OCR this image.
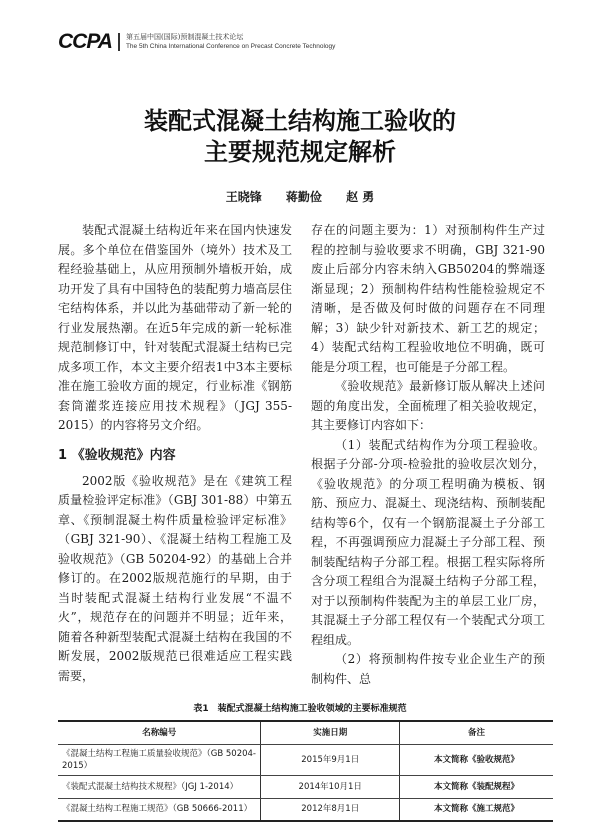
CCPA 第五届中国(国际)预制混凝土技术论坛
The 5th China International Conference on Precast Concrete Technology
装配式混凝土结构施工验收的
主要规范规定解析
王晓锋 蒋勤俭 赵 勇

装配式混凝土结构近年来在国内快速发展。多个单位在借鉴国外（境外）技术及工程经验基础上，从应用预制外墙板开始，成功开发了具有中国特色的装配剪力墙高层住宅结构体系，并以此为基础带动了新一轮的行业发展热潮。在近5年完成的新一轮标准规范制修订中，针对装配式混凝土结构已完成多项工作，本文主要介绍表1中3本主要标准在施工验收方面的规定，行业标准《钢筋套筒灌浆连接应用技术规程》（JGJ 355-2015）的内容将另文介绍。

1 《验收规范》内容

2002版《验收规范》是在《建筑工程质量检验评定标准》（GBJ 301-88）中第五章、《预制混凝土构件质量检验评定标准》（GBJ 321-90）、《混凝土结构工程施工及验收规范》（GB 50204-92）的基础上合并修订的。在2002版规范施行的早期，由于当时装配式混凝土结构行业发展“不温不火”，规范存在的问题并不明显；近年来，随着各种新型装配式混凝土结构在我国的不断发展，2002版规范已很难适应工程实践需要，

存在的问题主要为：1）对预制构件生产过程的控制与验收要求不明确，GBJ 321-90废止后部分内容未纳入GB50204的弊端逐渐显现；2）预制构件结构性能检验规定不清晰，是否做及何时做的问题存在不同理解；3）缺少针对新技术、新工艺的规定；4）装配式结构工程验收地位不明确，既可能是分项工程，也可能是子分部工程。

《验收规范》最新修订版从解决上述问题的角度出发，全面梳理了相关验收规定，其主要修订内容如下：

（1）装配式结构作为分项工程验收。根据子分部-分项-检验批的验收层次划分，《验收规范》的分项工程明确为模板、钢筋、预应力、混凝土、现浇结构、预制装配结构等6个，仅有一个钢筋混凝土子分部工程，不再强调预应力混凝土子分部工程、预制装配结构子分部工程。根据工程实际将所含分项工程组合为混凝土结构子分部工程，对于以预制构件装配为主的单层工业厂房，其混凝土子分部工程仅有一个装配式分项工程组成。

（2）将预制构件按专业企业生产的预制构件、总

表1　装配式混凝土结构施工验收领域的主要标准规范
名称编号	实施日期	备注
《混凝土结构工程施工质量验收规范》（GB 50204-2015）	2015年9月1日	本文简称《验收规范》
《装配式混凝土结构技术规程》（JGJ 1-2014）	2014年10月1日	本文简称《装配规程》
《混凝土结构工程施工规范》（GB 50666-2011）	2012年8月1日	本文简称《施工规范》
